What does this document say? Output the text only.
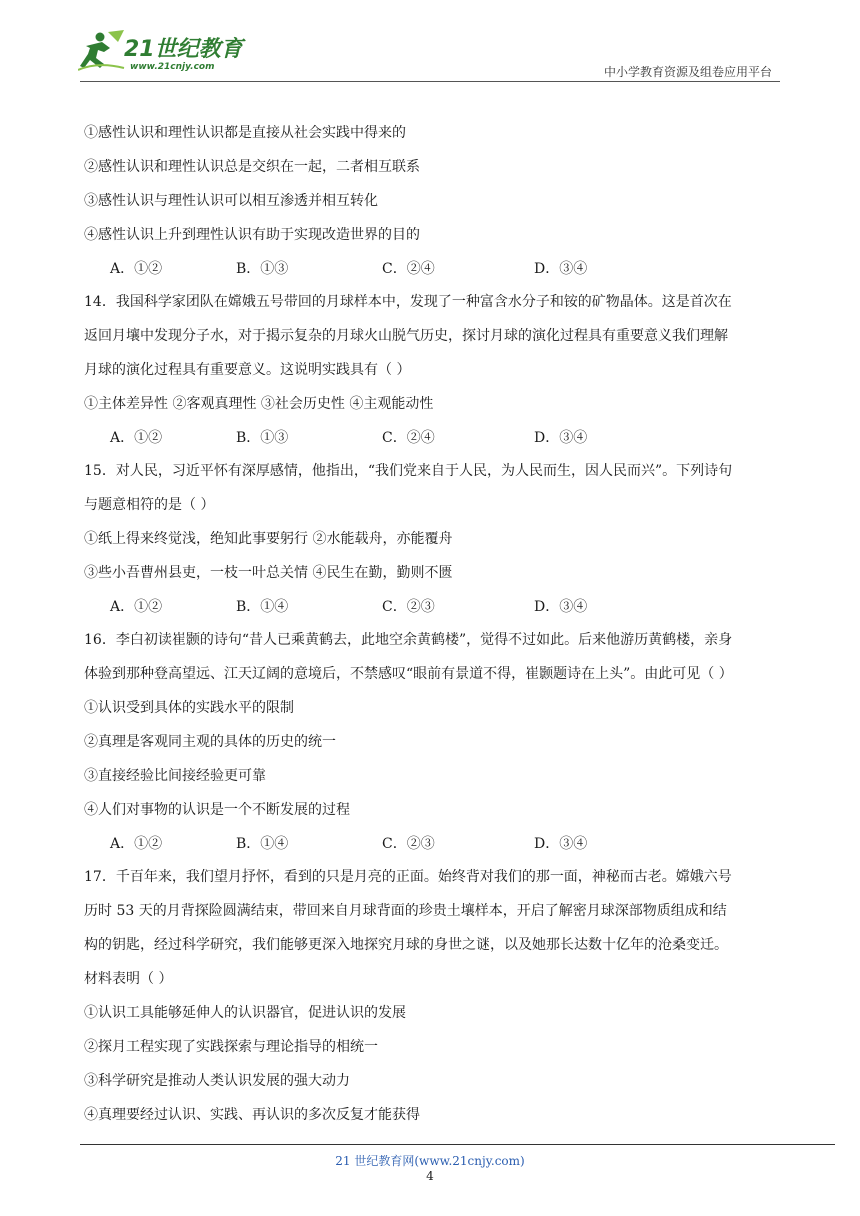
21世纪教育
www.21cnjy.com	中小学教育资源及组卷应用平台
①感性认识和理性认识都是直接从社会实践中得来的
②感性认识和理性认识总是交织在一起，二者相互联系
③感性认识与理性认识可以相互渗透并相互转化
④感性认识上升到理性认识有助于实现改造世界的目的
A．①②	B．①③	C．②④	D．③④
14．我国科学家团队在嫦娥五号带回的月球样本中，发现了一种富含水分子和铵的矿物晶体。这是首次在
返回月壤中发现分子水，对于揭示复杂的月球火山脱气历史，探讨月球的演化过程具有重要意义我们理解
月球的演化过程具有重要意义。这说明实践具有（ ）
①主体差异性 ②客观真理性 ③社会历史性 ④主观能动性
A．①②	B．①③	C．②④	D．③④
15．对人民，习近平怀有深厚感情，他指出，“我们党来自于人民，为人民而生，因人民而兴”。下列诗句
与题意相符的是（ ）
①纸上得来终觉浅，绝知此事要躬行 ②水能载舟，亦能覆舟
③些小吾曹州县吏，一枝一叶总关情 ④民生在勤，勤则不匮
A．①②	B．①④	C．②③	D．③④
16．李白初读崔颢的诗句“昔人已乘黄鹤去，此地空余黄鹤楼”，觉得不过如此。后来他游历黄鹤楼，亲身
体验到那种登高望远、江天辽阔的意境后，不禁感叹“眼前有景道不得，崔颢题诗在上头”。由此可见（ ）
①认识受到具体的实践水平的限制
②真理是客观同主观的具体的历史的统一
③直接经验比间接经验更可靠
④人们对事物的认识是一个不断发展的过程
A．①②	B．①④	C．②③	D．③④
17．千百年来，我们望月抒怀，看到的只是月亮的正面。始终背对我们的那一面，神秘而古老。嫦娥六号
历时 53 天的月背探险圆满结束，带回来自月球背面的珍贵土壤样本，开启了解密月球深部物质组成和结
构的钥匙，经过科学研究，我们能够更深入地探究月球的身世之谜，以及她那长达数十亿年的沧桑变迁。
材料表明（ ）
①认识工具能够延伸人的认识器官，促进认识的发展
②探月工程实现了实践探索与理论指导的相统一
③科学研究是推动人类认识发展的强大动力
④真理要经过认识、实践、再认识的多次反复才能获得
21 世纪教育网(www.21cnjy.com)
4
